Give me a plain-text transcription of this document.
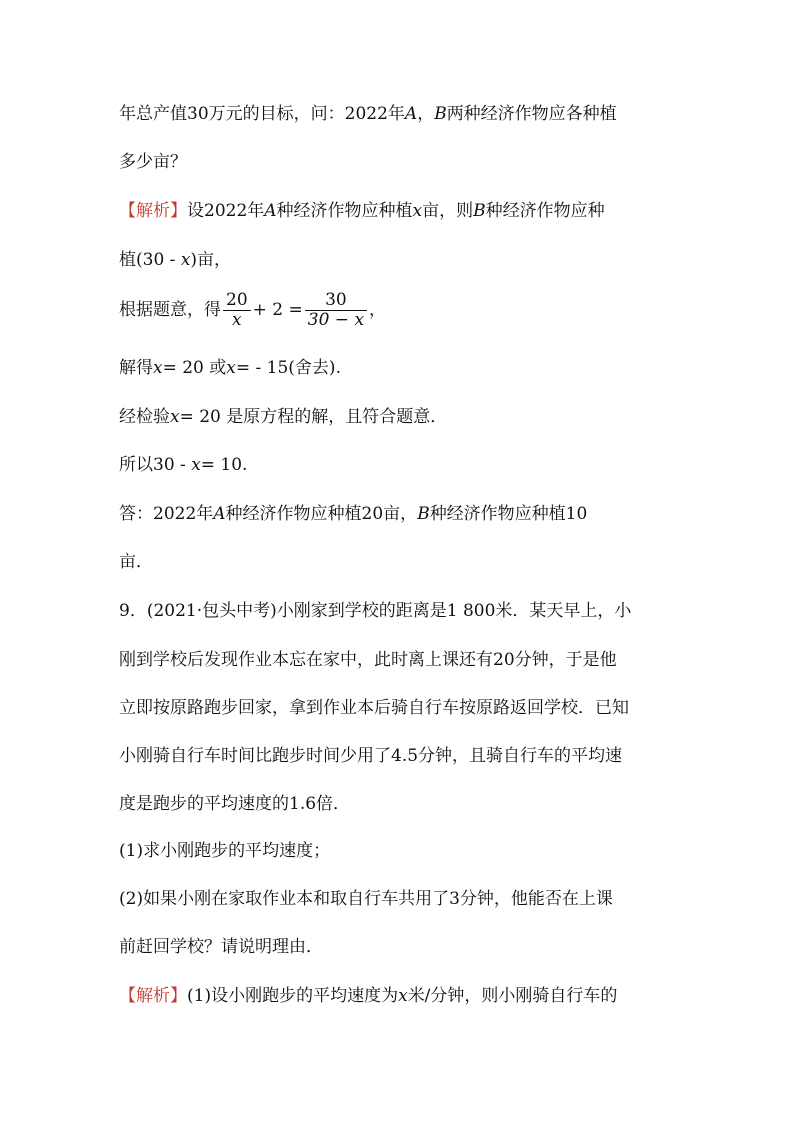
年总产值30万元的目标，问：2022年A，B两种经济作物应各种植
多少亩？
【解析】设2022年A种经济作物应种植x亩，则B种经济作物应种
植(30 - x)亩，
根据题意，得 $\frac{20}{x} + 2 = \frac{30}{30 - x}$ ，
解得x= 20 或x= - 15(舍去).
经检验x= 20 是原方程的解，且符合题意．
所以30 - x= 10.
答：2022年A种经济作物应种植20亩，B种经济作物应种植10
亩．
9．(2021·包头中考)小刚家到学校的距离是1 800米．某天早上，小
刚到学校后发现作业本忘在家中，此时离上课还有20分钟，于是他
立即按原路跑步回家，拿到作业本后骑自行车按原路返回学校．已知
小刚骑自行车时间比跑步时间少用了4.5分钟，且骑自行车的平均速
度是跑步的平均速度的1.6倍．
(1)求小刚跑步的平均速度；
(2)如果小刚在家取作业本和取自行车共用了3分钟，他能否在上课
前赶回学校？请说明理由．
【解析】(1)设小刚跑步的平均速度为x米/分钟，则小刚骑自行车的
